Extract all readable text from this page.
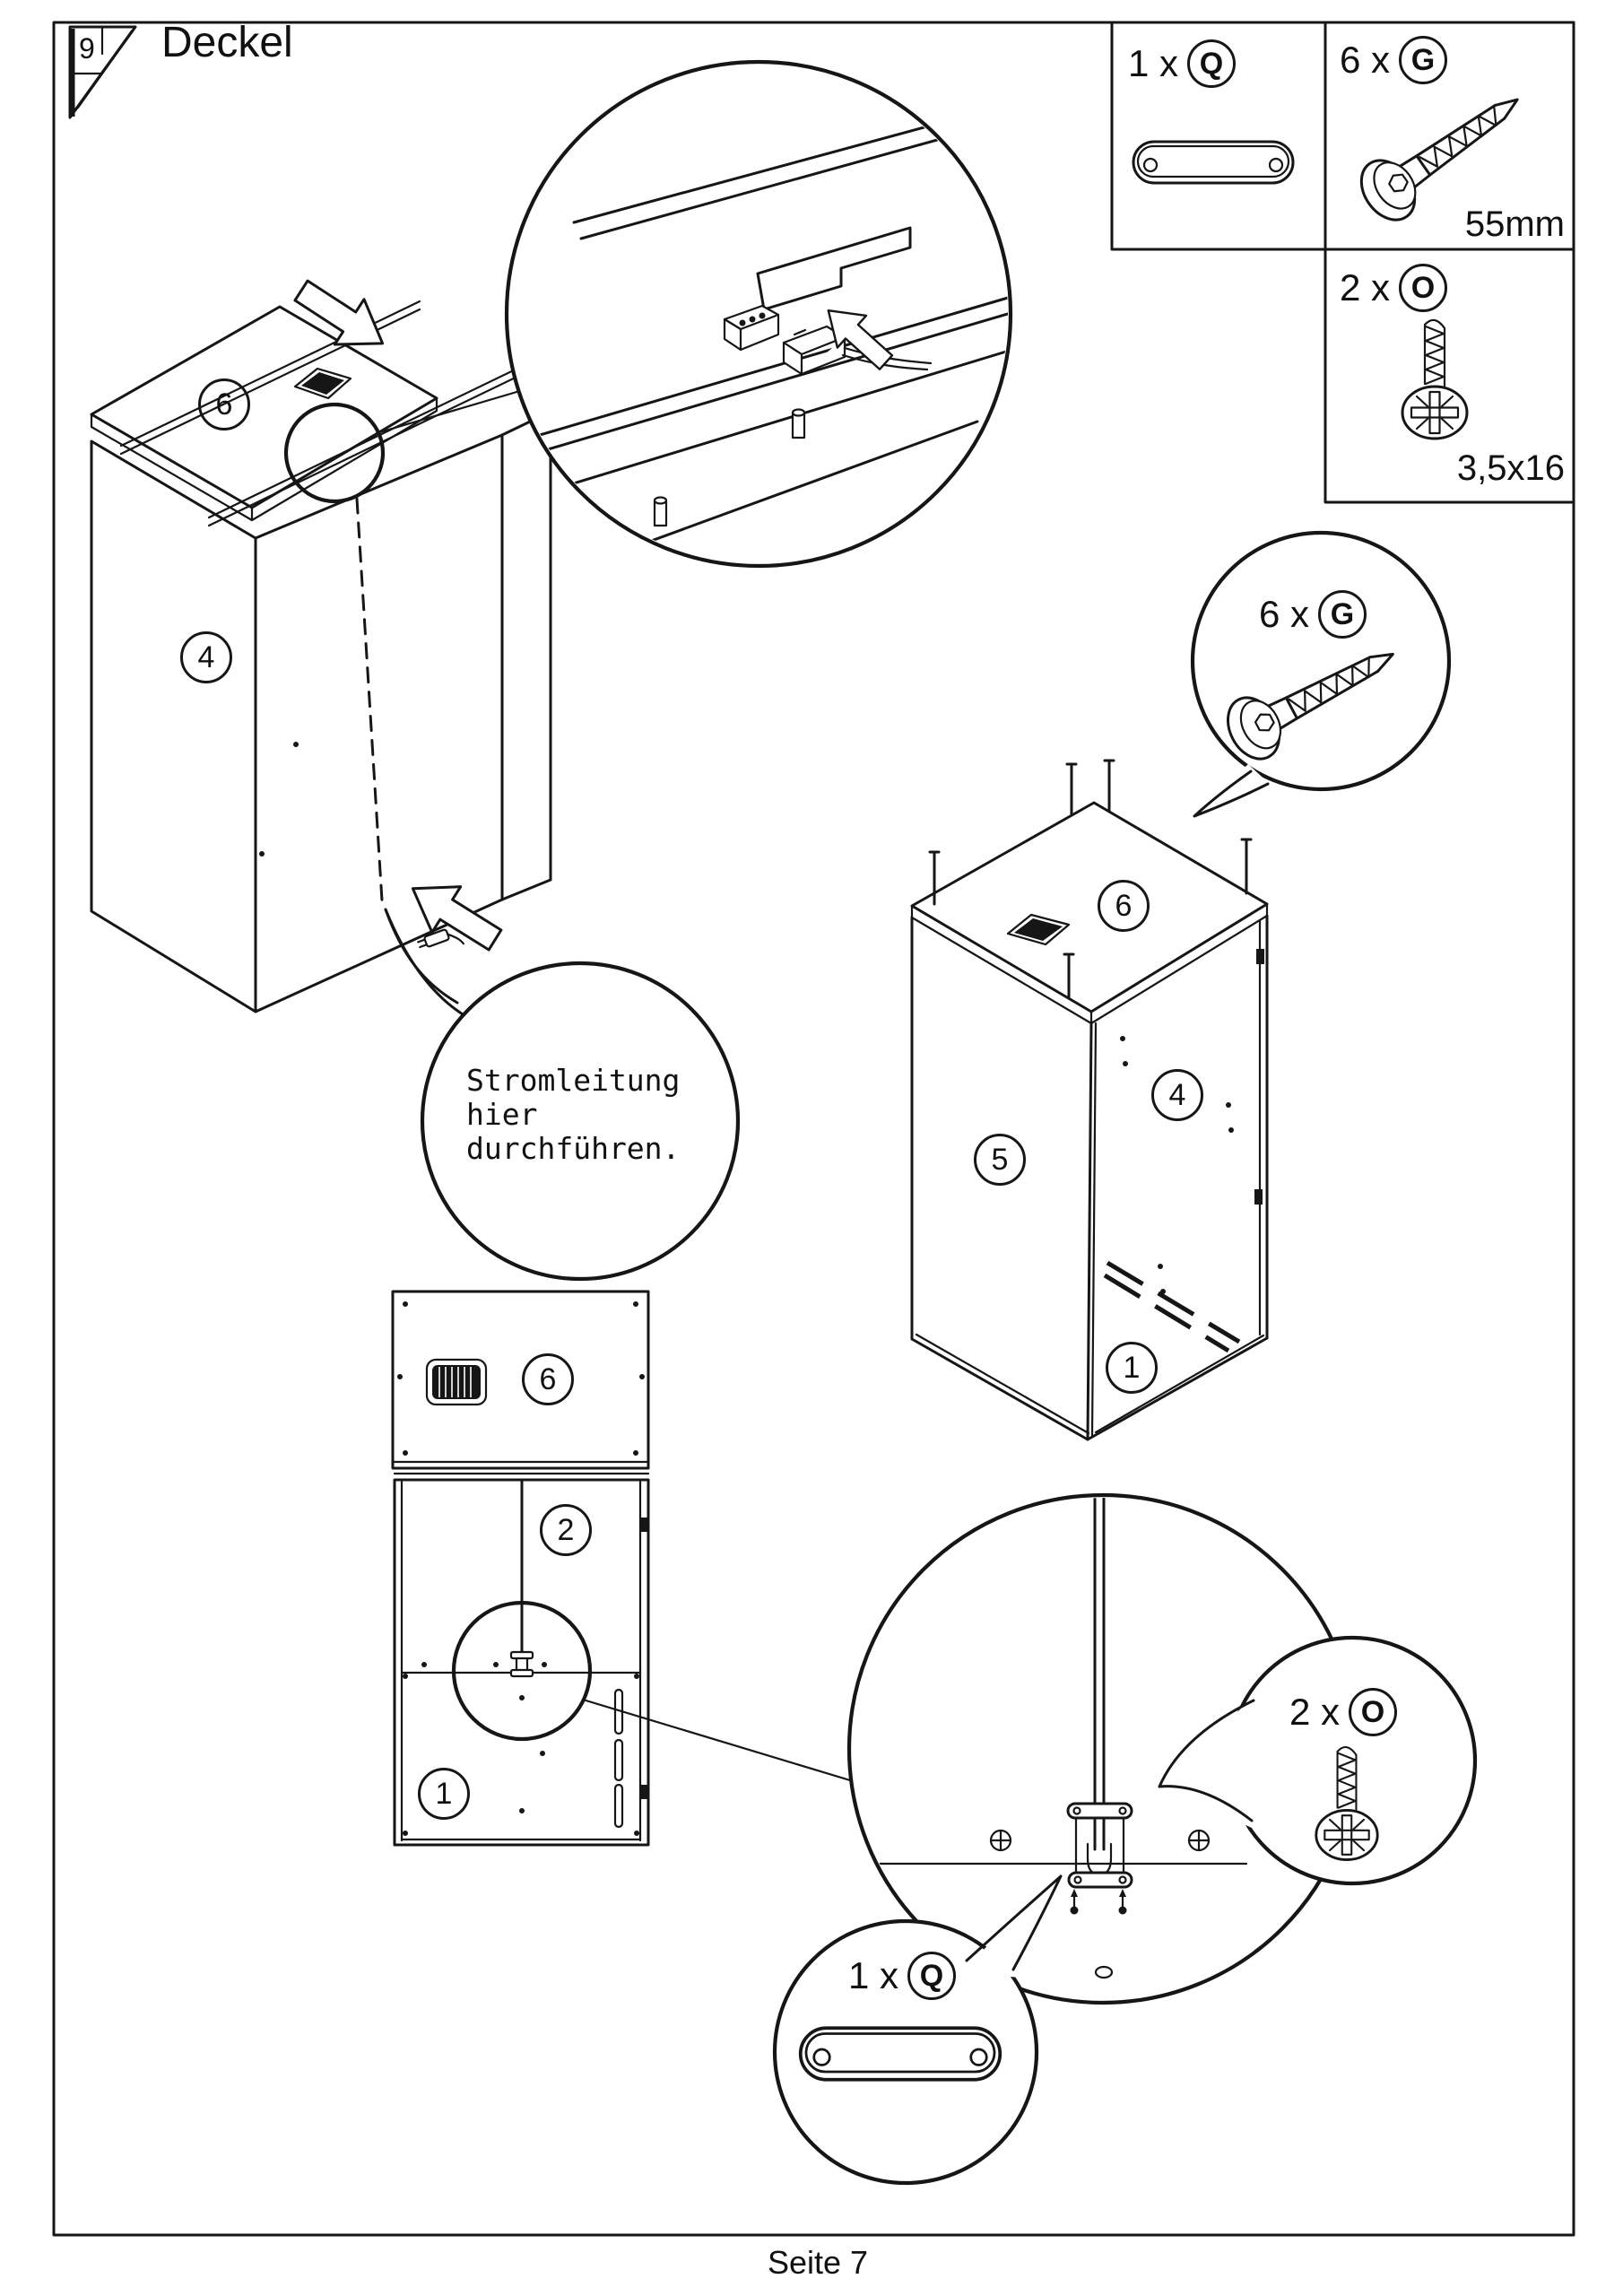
9 Deckel	1 x Q	6 x G
55mm
2 x O
3,5x16
6 x G
2 x O
1 x Q
Stromleitung
hier
durchführen.
6
4
6
4
5
1
6
2
1
Seite 7
